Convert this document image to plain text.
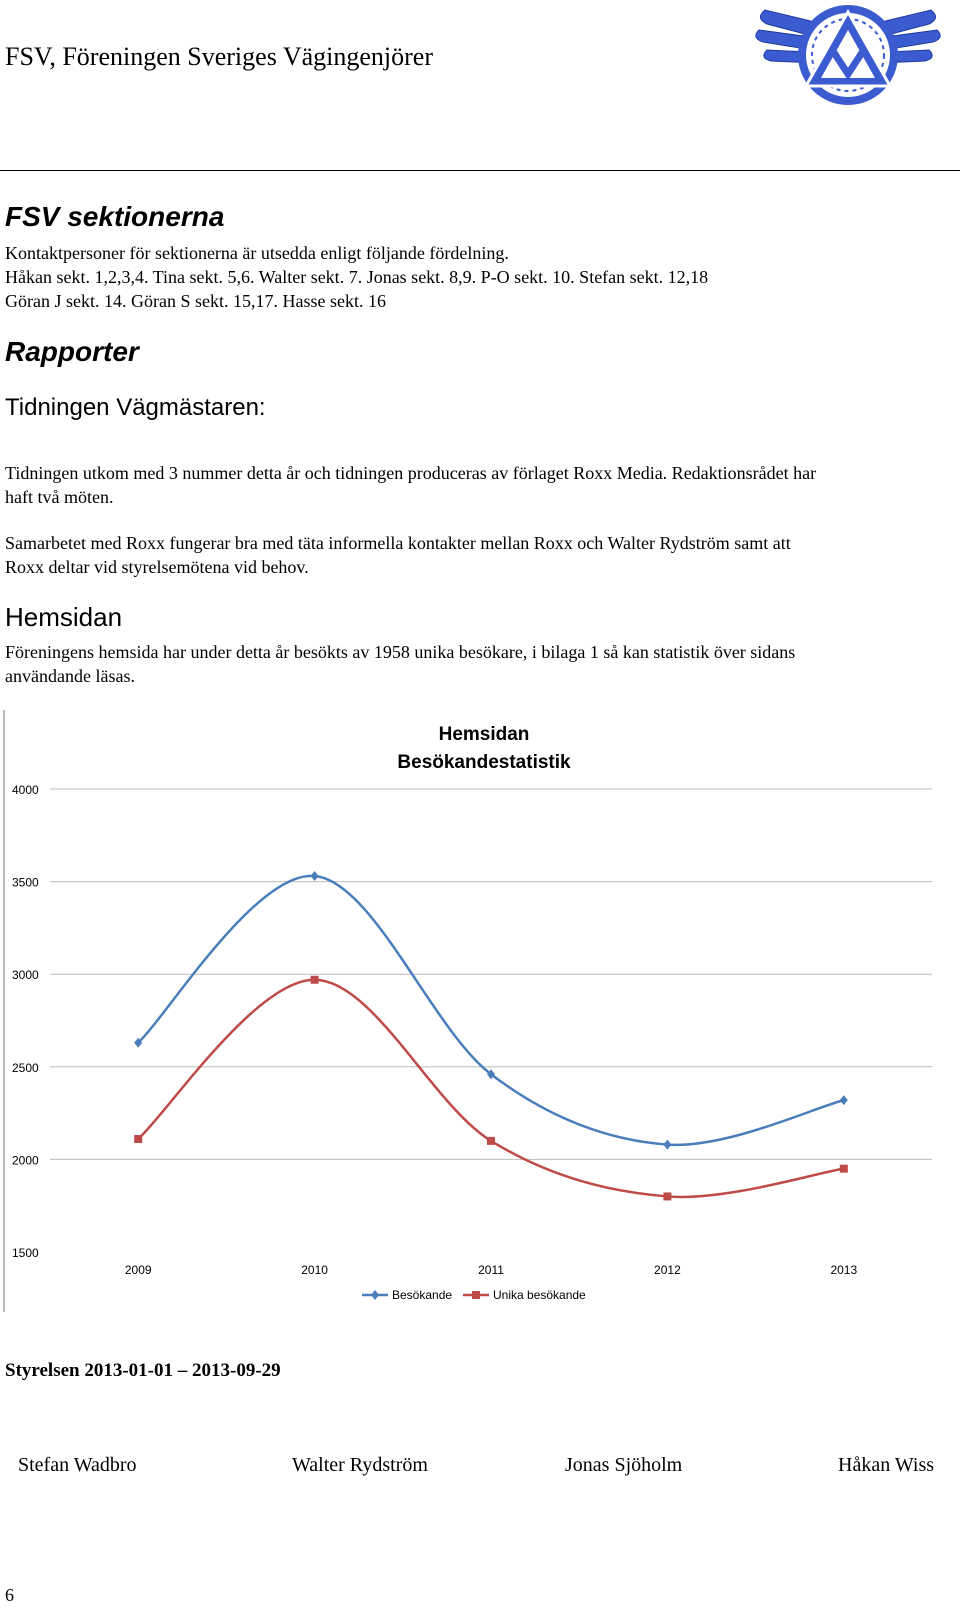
FSV, Föreningen Sveriges Vägingenjörer
FSV sektionerna
Kontaktpersoner för sektionerna är utsedda enligt följande fördelning.
Håkan sekt. 1,2,3,4. Tina sekt. 5,6. Walter sekt. 7. Jonas sekt. 8,9. P-O sekt. 10. Stefan sekt. 12,18
Göran J sekt. 14. Göran S sekt. 15,17. Hasse sekt. 16
Rapporter
Tidningen Vägmästaren:
Tidningen utkom med 3 nummer detta år och tidningen produceras av förlaget Roxx Media. Redaktionsrådet har
haft två möten.
Samarbetet med Roxx fungerar bra med täta informella kontakter mellan Roxx och Walter Rydström samt att
Roxx deltar vid styrelsemötena vid behov.
Hemsidan
Föreningens hemsida har under detta år besökts av 1958 unika besökare, i bilaga 1 så kan statistik över sidans
användande läsas.
Hemsidan
Besökandestatistik
1500
2000
2500
3000
3500
4000
2009	2010	2011	2012	2013
Besökande	Unika besökande
Styrelsen 2013-01-01 – 2013-09-29
Stefan Wadbro	Walter Rydström	Jonas Sjöholm	Håkan Wiss
6
